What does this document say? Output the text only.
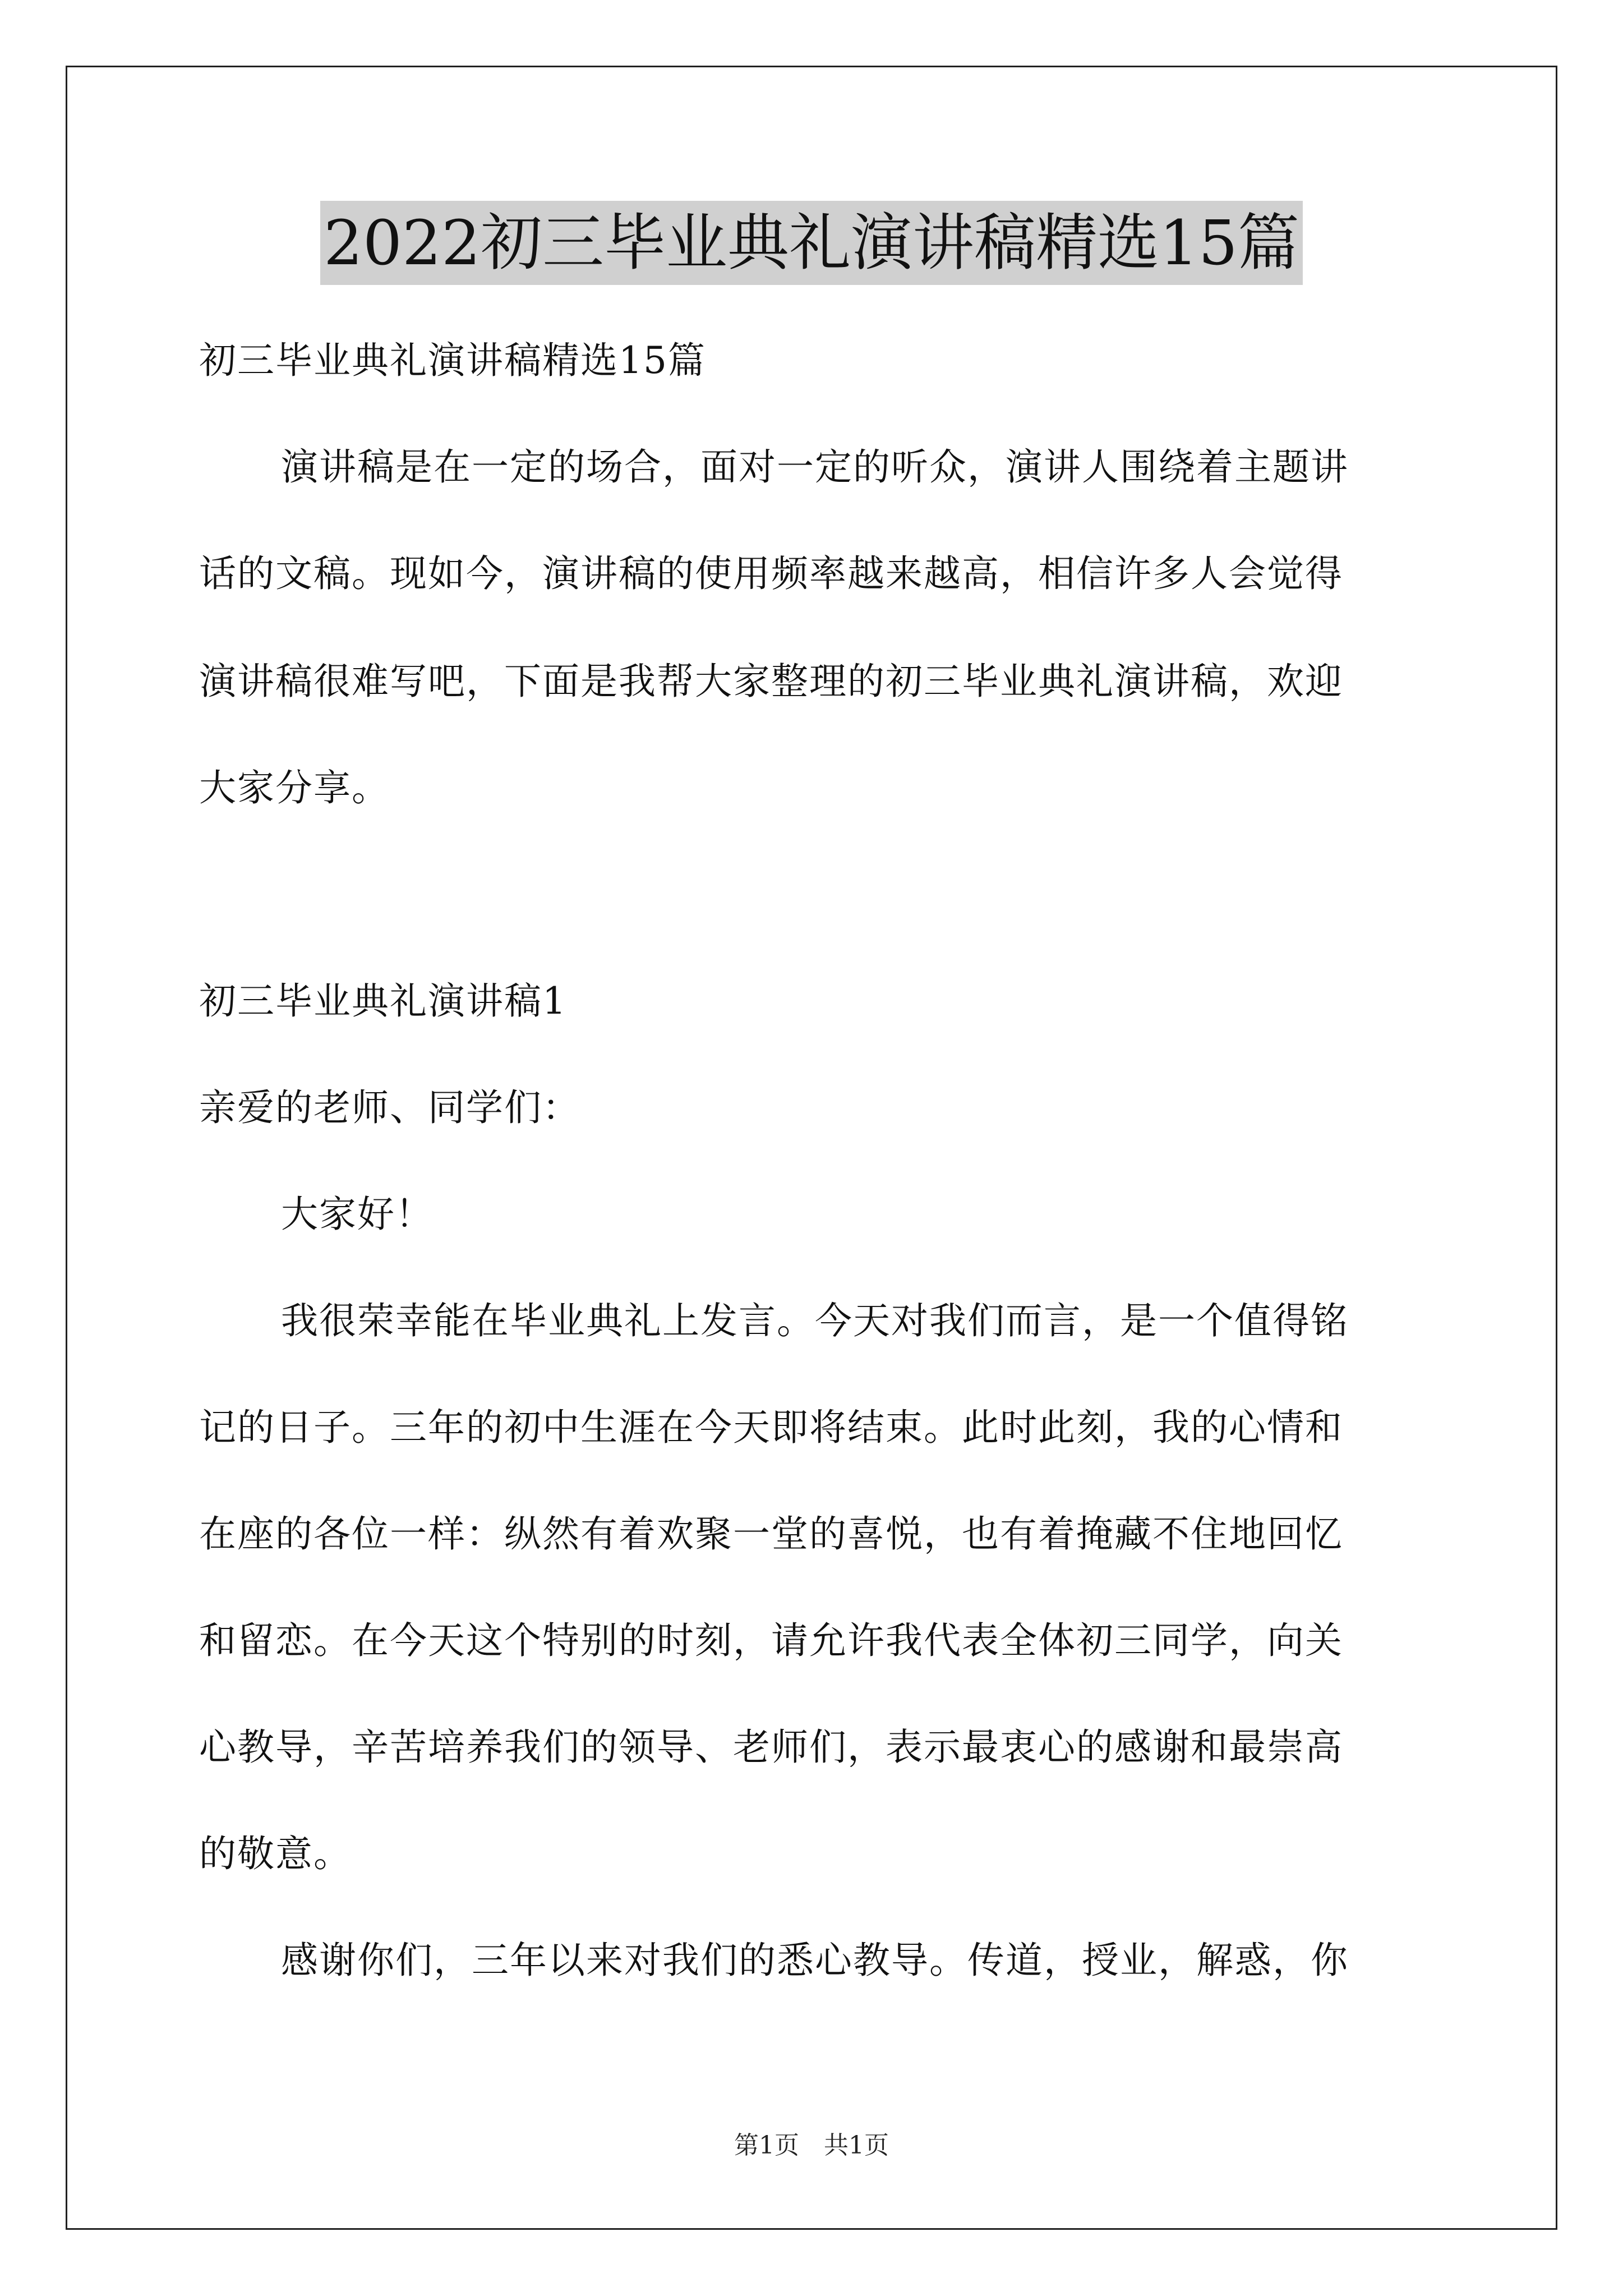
2022初三毕业典礼演讲稿精选15篇
初三毕业典礼演讲稿精选15篇
演讲稿是在一定的场合，面对一定的听众，演讲人围绕着主题讲
话的文稿。现如今，演讲稿的使用频率越来越高，相信许多人会觉得
演讲稿很难写吧，下面是我帮大家整理的初三毕业典礼演讲稿，欢迎
大家分享。
初三毕业典礼演讲稿1
亲爱的老师、同学们：
大家好！
我很荣幸能在毕业典礼上发言。今天对我们而言，是一个值得铭
记的日子。三年的初中生涯在今天即将结束。此时此刻，我的心情和
在座的各位一样：纵然有着欢聚一堂的喜悦，也有着掩藏不住地回忆
和留恋。在今天这个特别的时刻，请允许我代表全体初三同学，向关
心教导，辛苦培养我们的领导、老师们，表示最衷心的感谢和最崇高
的敬意。
感谢你们，三年以来对我们的悉心教导。传道，授业，解惑，你
第1页　共1页
